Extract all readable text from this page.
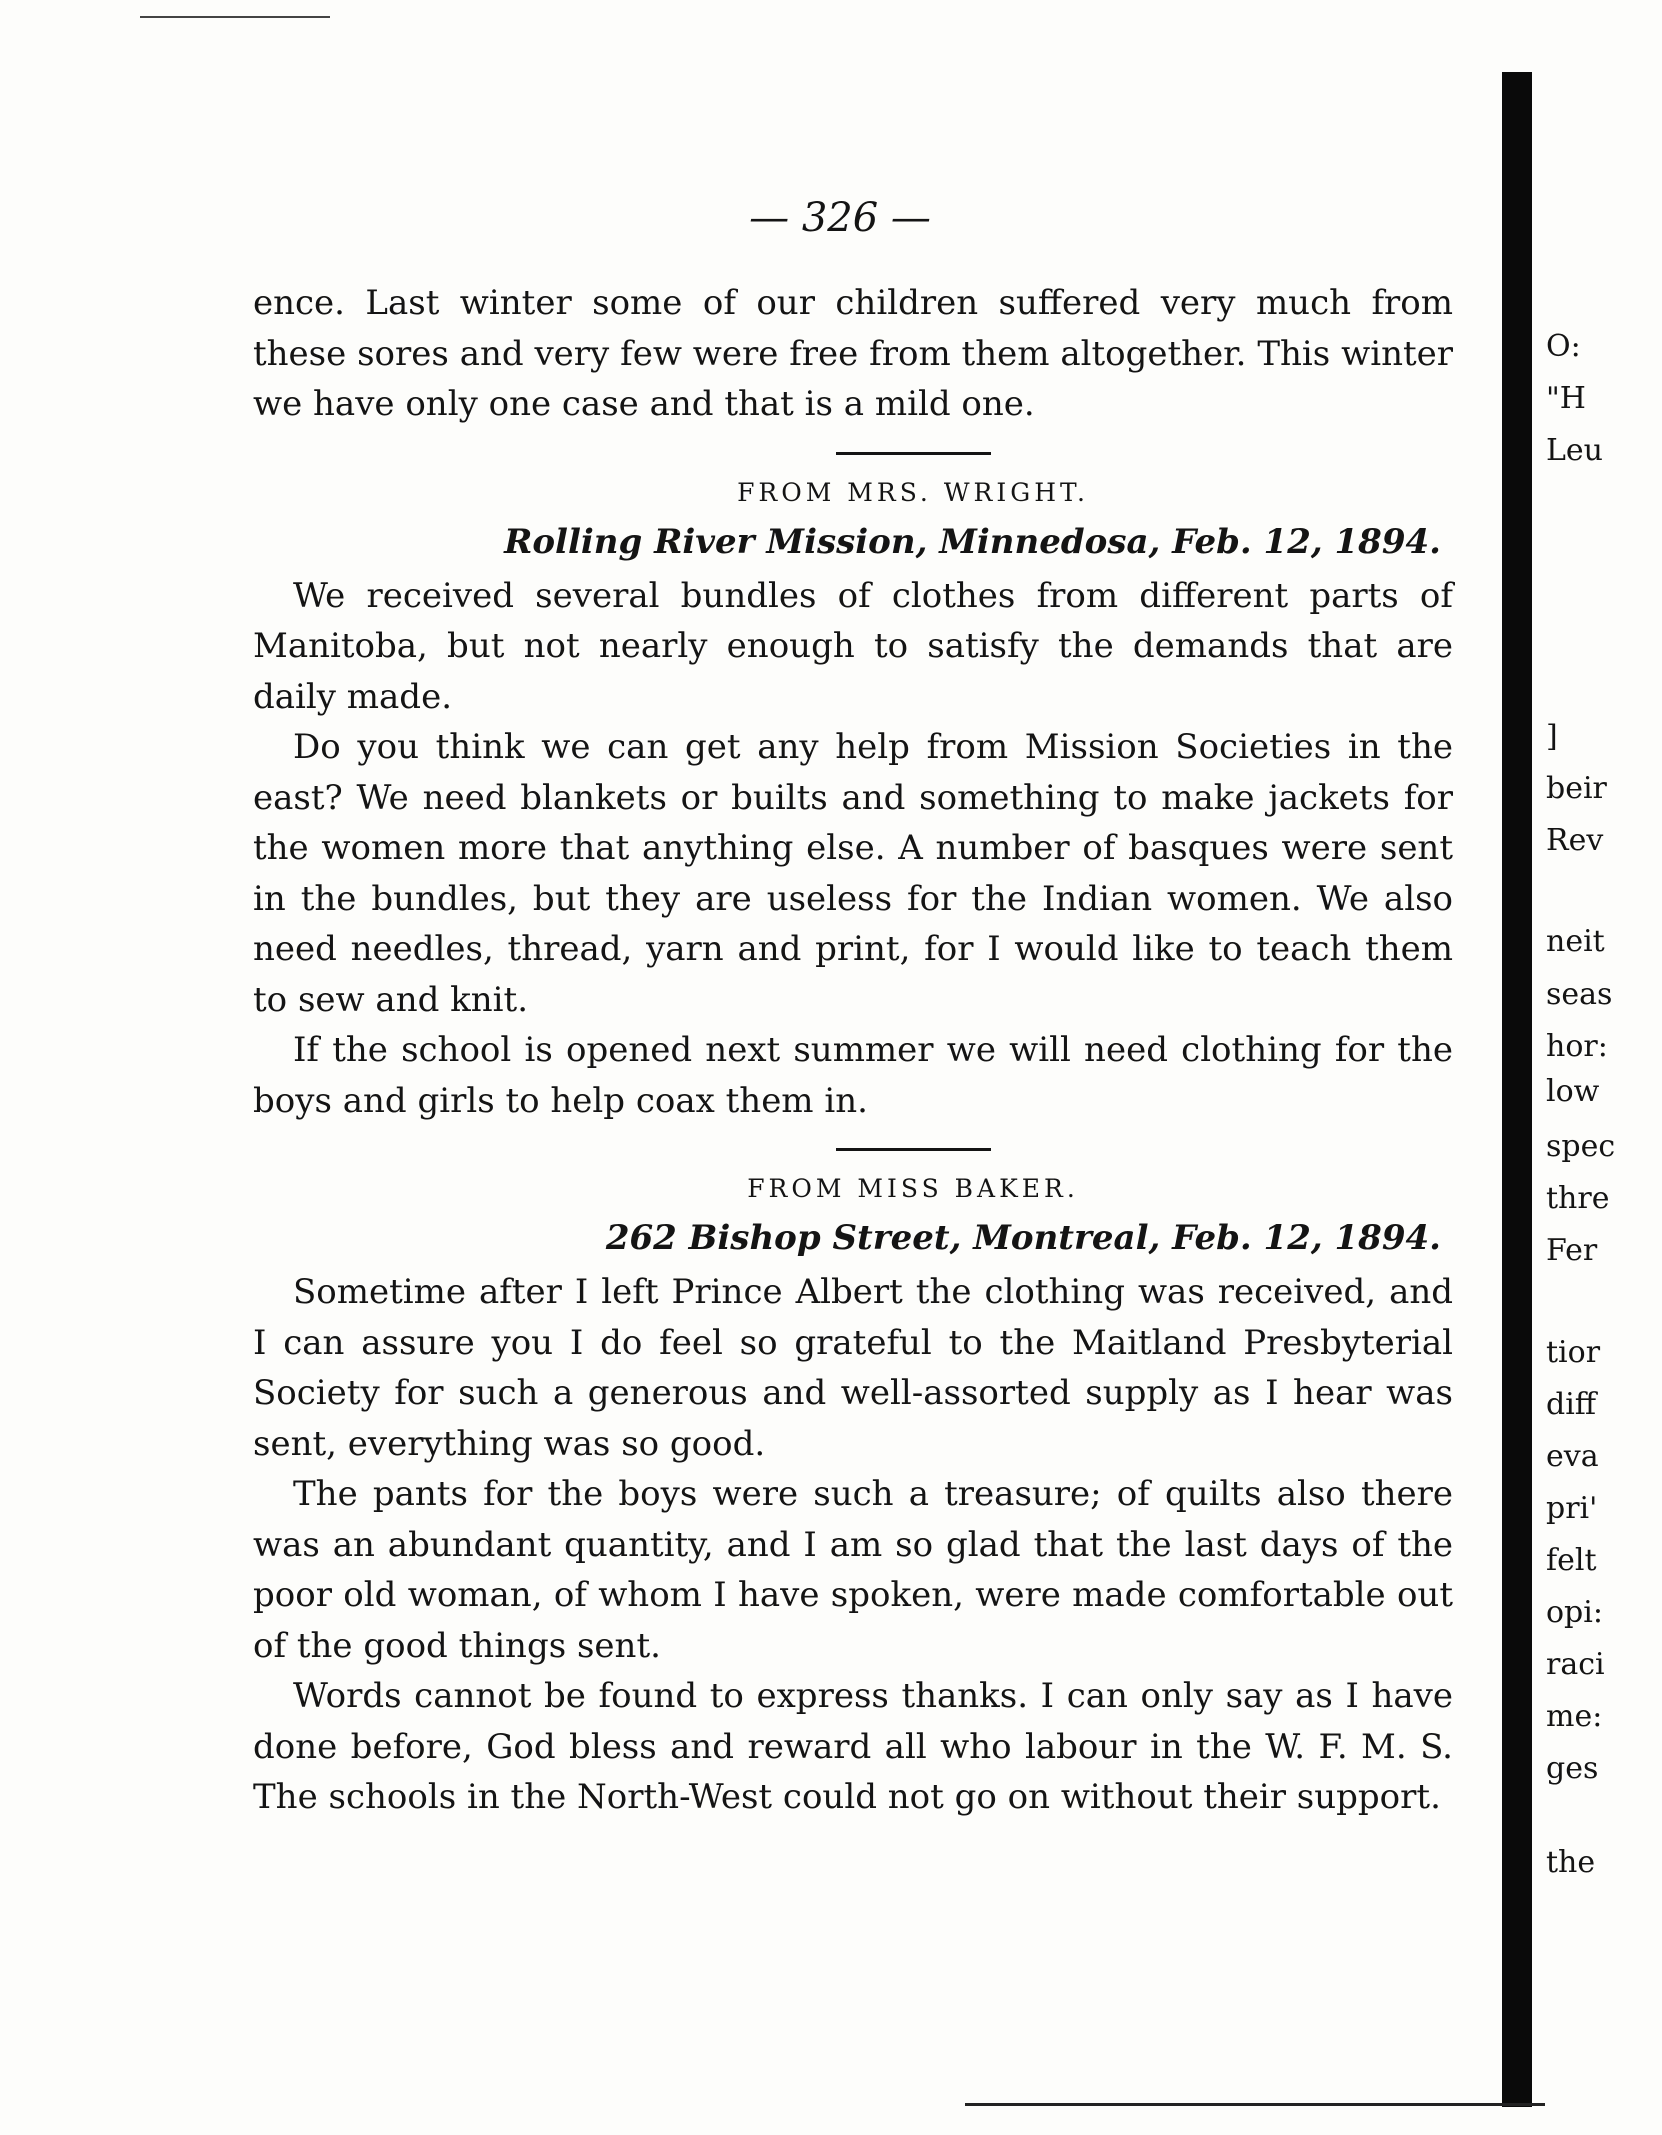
— 326 —

ence. Last winter some of our children suffered very much from these sores and very few were free from them altogether. This winter we have only one case and that is a mild one.

FROM MRS. WRIGHT.
Rolling River Mission, Minnedosa, Feb. 12, 1894.

We received several bundles of clothes from different parts of Manitoba, but not nearly enough to satisfy the demands that are daily made.

Do you think we can get any help from Mission Societies in the east? We need blankets or builts and something to make jackets for the women more that anything else. A number of basques were sent in the bundles, but they are useless for the Indian women. We also need needles, thread, yarn and print, for I would like to teach them to sew and knit.

If the school is opened next summer we will need clothing for the boys and girls to help coax them in.

FROM MISS BAKER.
262 Bishop Street, Montreal, Feb. 12, 1894.

Sometime after I left Prince Albert the clothing was received, and I can assure you I do feel so grateful to the Maitland Presbyterial Society for such a generous and well-assorted supply as I hear was sent, everything was so good.

The pants for the boys were such a treasure; of quilts also there was an abundant quantity, and I am so glad that the last days of the poor old woman, of whom I have spoken, were made comfortable out of the good things sent.

Words cannot be found to express thanks. I can only say as I have done before, God bless and reward all who labour in the W. F. M. S. The schools in the North-West could not go on without their support.

O:
"H
Leu
]
beir
Rev
neit
seas
hor:
low
spec
thre
Fer
tior
diff
eva
pri'
felt
opi:
raci
me:
ges
the
